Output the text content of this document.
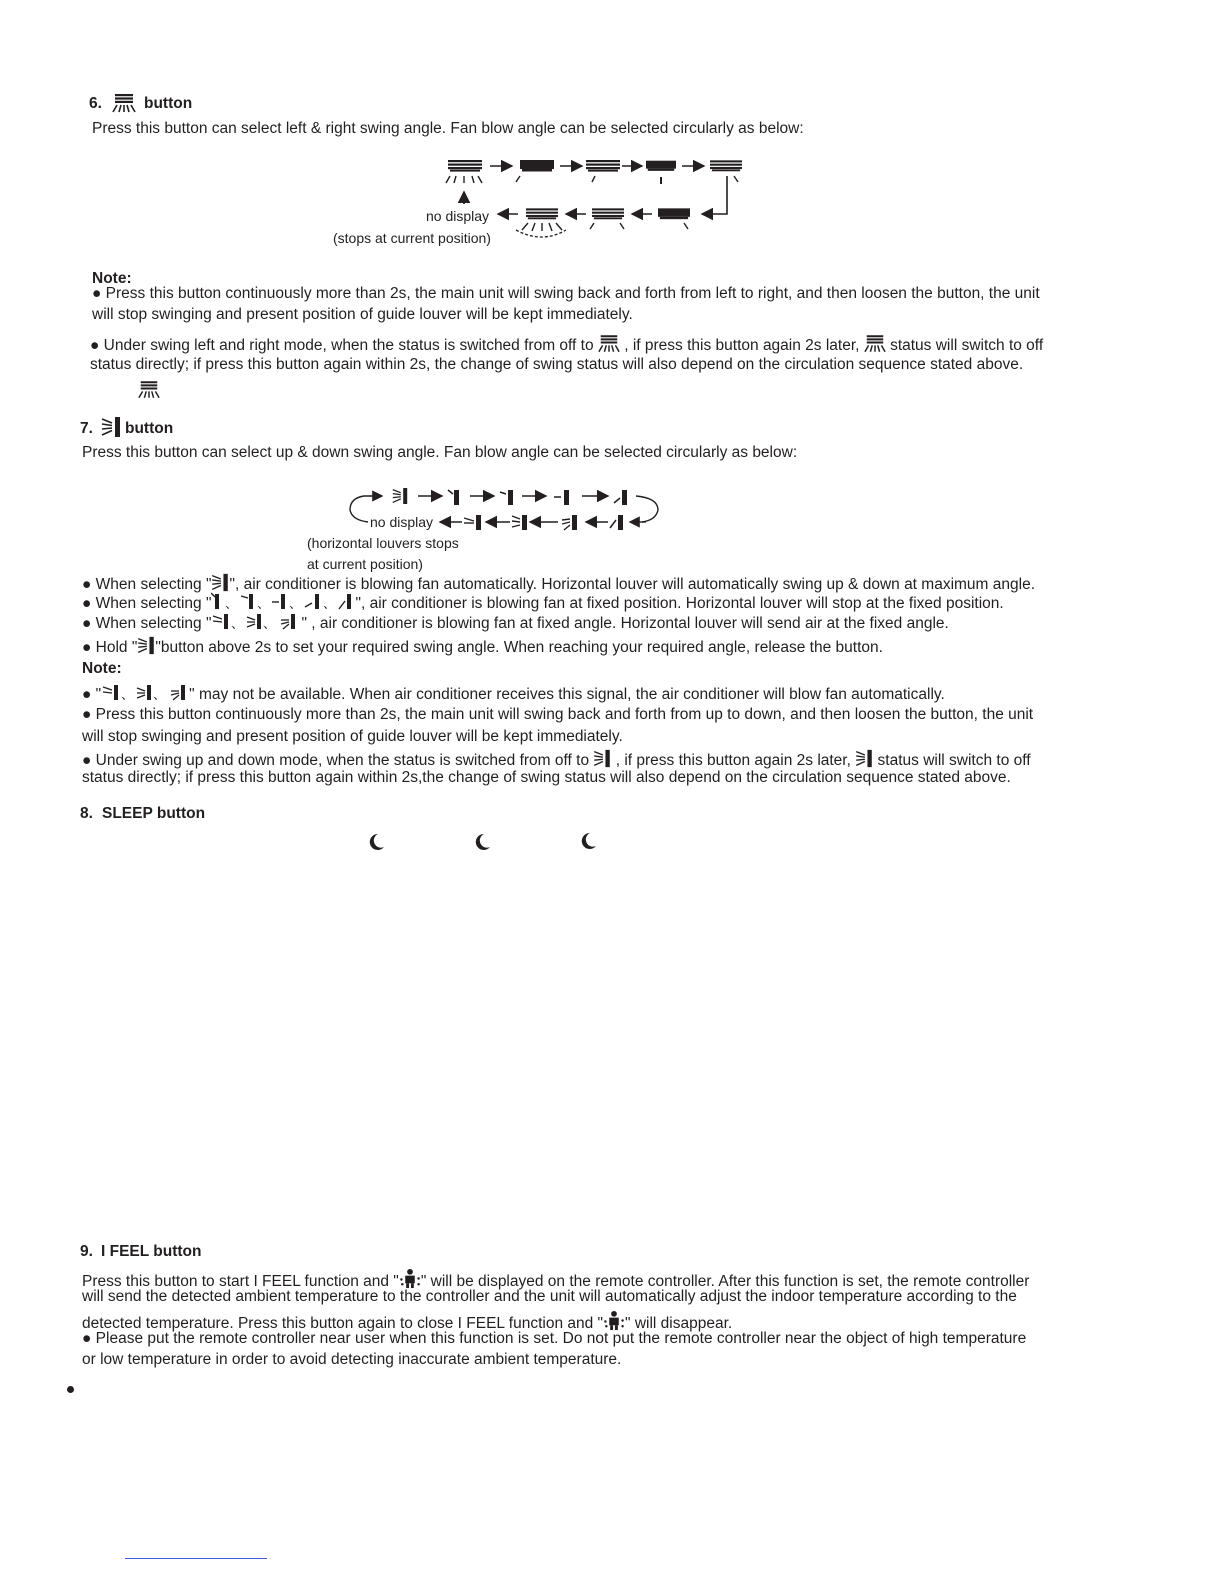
6.	button
Press this button can select left & right swing angle. Fan blow angle can be selected circularly as below:
no display
(stops at current position)
Note:
● Press this button continuously more than 2s, the main unit will swing back and forth from left to right, and then loosen the button, the unit
will stop swinging and present position of guide louver will be kept immediately.
● Under swing left and right mode, when the status is switched from off to , if press this button again 2s later, status will switch to off
status directly; if press this button again within 2s, the change of swing status will also depend on the circulation sequence stated above.
7. button
Press this button can select up & down swing angle. Fan blow angle can be selected circularly as below:
no display
(horizontal louvers stops
at current position)
● When selecting " ", air conditioner is blowing fan automatically. Horizontal louver will automatically swing up & down at maximum angle.
● When selecting " 、 、 、 、 ", air conditioner is blowing fan at fixed position. Horizontal louver will stop at the fixed position.
● When selecting " 、 、 " , air conditioner is blowing fan at fixed angle. Horizontal louver will send air at the fixed angle.
● Hold " "button above 2s to set your required swing angle. When reaching your required angle, release the button.
Note:
● " 、 、 " may not be available. When air conditioner receives this signal, the air conditioner will blow fan automatically.
● Press this button continuously more than 2s, the main unit will swing back and forth from up to down, and then loosen the button, the unit
will stop swinging and present position of guide louver will be kept immediately.
● Under swing up and down mode, when the status is switched from off to , if press this button again 2s later, status will switch to off
status directly; if press this button again within 2s,the change of swing status will also depend on the circulation sequence stated above.
8. SLEEP button
9. I FEEL button
Press this button to start I FEEL function and " " will be displayed on the remote controller. After this function is set, the remote controller
will send the detected ambient temperature to the controller and the unit will automatically adjust the indoor temperature according to the
detected temperature. Press this button again to close I FEEL function and " " will disappear.
● Please put the remote controller near user when this function is set. Do not put the remote controller near the object of high temperature
or low temperature in order to avoid detecting inaccurate ambient temperature.
